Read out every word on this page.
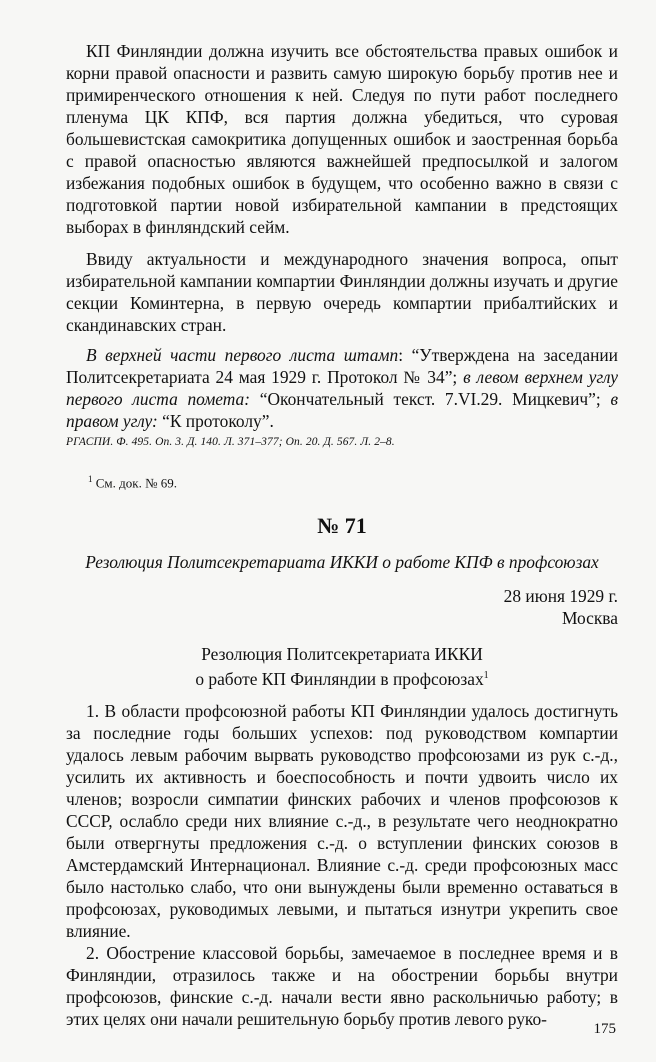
КП Финляндии должна изучить все обстоятельства правых ошибок и корни правой опасности и развить самую широкую борьбу против нее и примиренческого отношения к ней. Следуя по пути работ последнего пленума ЦК КПФ, вся партия должна убедиться, что суровая большевистская самокритика допущенных ошибок и заостренная борьба с правой опасностью являются важнейшей предпосылкой и залогом избежания подобных ошибок в будущем, что особенно важно в связи с подготовкой партии новой избирательной кампании в предстоящих выборах в финляндский сейм.

Ввиду актуальности и международного значения вопроса, опыт избирательной кампании компартии Финляндии должны изучать и другие секции Коминтерна, в первую очередь компартии прибалтийских и скандинавских стран.

В верхней части первого листа штамп: “Утверждена на заседании Политсекретариата 24 мая 1929 г. Протокол № 34”; в левом верхнем углу первого листа помета: “Окончательный текст. 7.VI.29. Мицкевич”; в правом углу: “К протоколу”.

РГАСПИ. Ф. 495. Оп. 3. Д. 140. Л. 371–377; Оп. 20. Д. 567. Л. 2–8.

$^1$ См. док. № 69.

№ 71

Резолюция Политсекретариата ИККИ о работе КПФ в профсоюзах

28 июня 1929 г.

Москва

Резолюция Политсекретариата ИККИ
о работе КП Финляндии в профсоюзах$^1$

1. В области профсоюзной работы КП Финляндии удалось достигнуть за последние годы больших успехов: под руководством компартии удалось левым рабочим вырвать руководство профсоюзами из рук с.-д., усилить их активность и боеспособность и почти удвоить число их членов; возросли симпатии финских рабочих и членов профсоюзов к СССР, ослабло среди них влияние с.-д., в результате чего неоднократно были отвергнуты предложения с.-д. о вступлении финских союзов в Амстердамский Интернационал. Влияние с.-д. среди профсоюзных масс было настолько слабо, что они вынуждены были временно оставаться в профсоюзах, руководимых левыми, и пытаться изнутри укрепить свое влияние.

2. Обострение классовой борьбы, замечаемое в последнее время и в Финляндии, отразилось также и на обострении борьбы внутри профсоюзов, финские с.-д. начали вести явно раскольничью работу; в этих целях они начали решительную борьбу против левого руко-	175
